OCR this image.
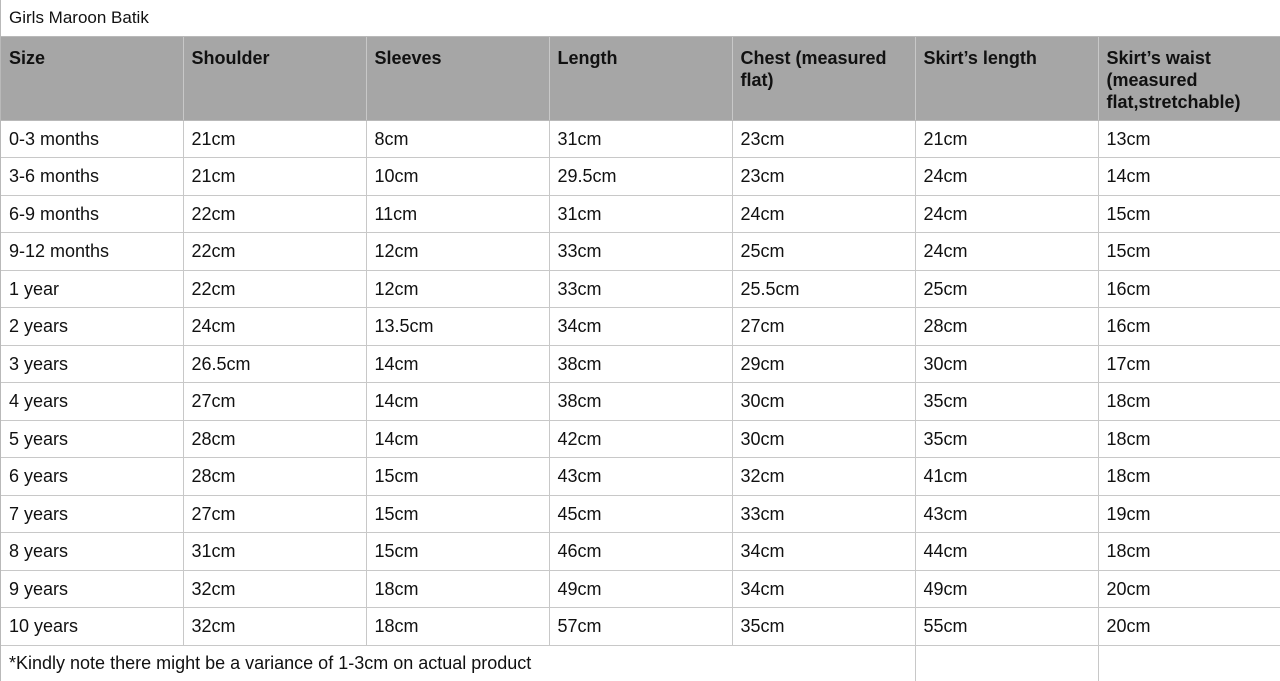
Girls Maroon Batik
Size	Shoulder	Sleeves	Length	Chest (measured flat)	Skirt’s length	Skirt’s waist (measured flat,stretchable)
0-3 months	21cm	8cm	31cm	23cm	21cm	13cm
3-6 months	21cm	10cm	29.5cm	23cm	24cm	14cm
6-9 months	22cm	11cm	31cm	24cm	24cm	15cm
9-12 months	22cm	12cm	33cm	25cm	24cm	15cm
1 year	22cm	12cm	33cm	25.5cm	25cm	16cm
2 years	24cm	13.5cm	34cm	27cm	28cm	16cm
3 years	26.5cm	14cm	38cm	29cm	30cm	17cm
4 years	27cm	14cm	38cm	30cm	35cm	18cm
5 years	28cm	14cm	42cm	30cm	35cm	18cm
6 years	28cm	15cm	43cm	32cm	41cm	18cm
7 years	27cm	15cm	45cm	33cm	43cm	19cm
8 years	31cm	15cm	46cm	34cm	44cm	18cm
9 years	32cm	18cm	49cm	34cm	49cm	20cm
10 years	32cm	18cm	57cm	35cm	55cm	20cm
*Kindly note there might be a variance of 1-3cm on actual product						
